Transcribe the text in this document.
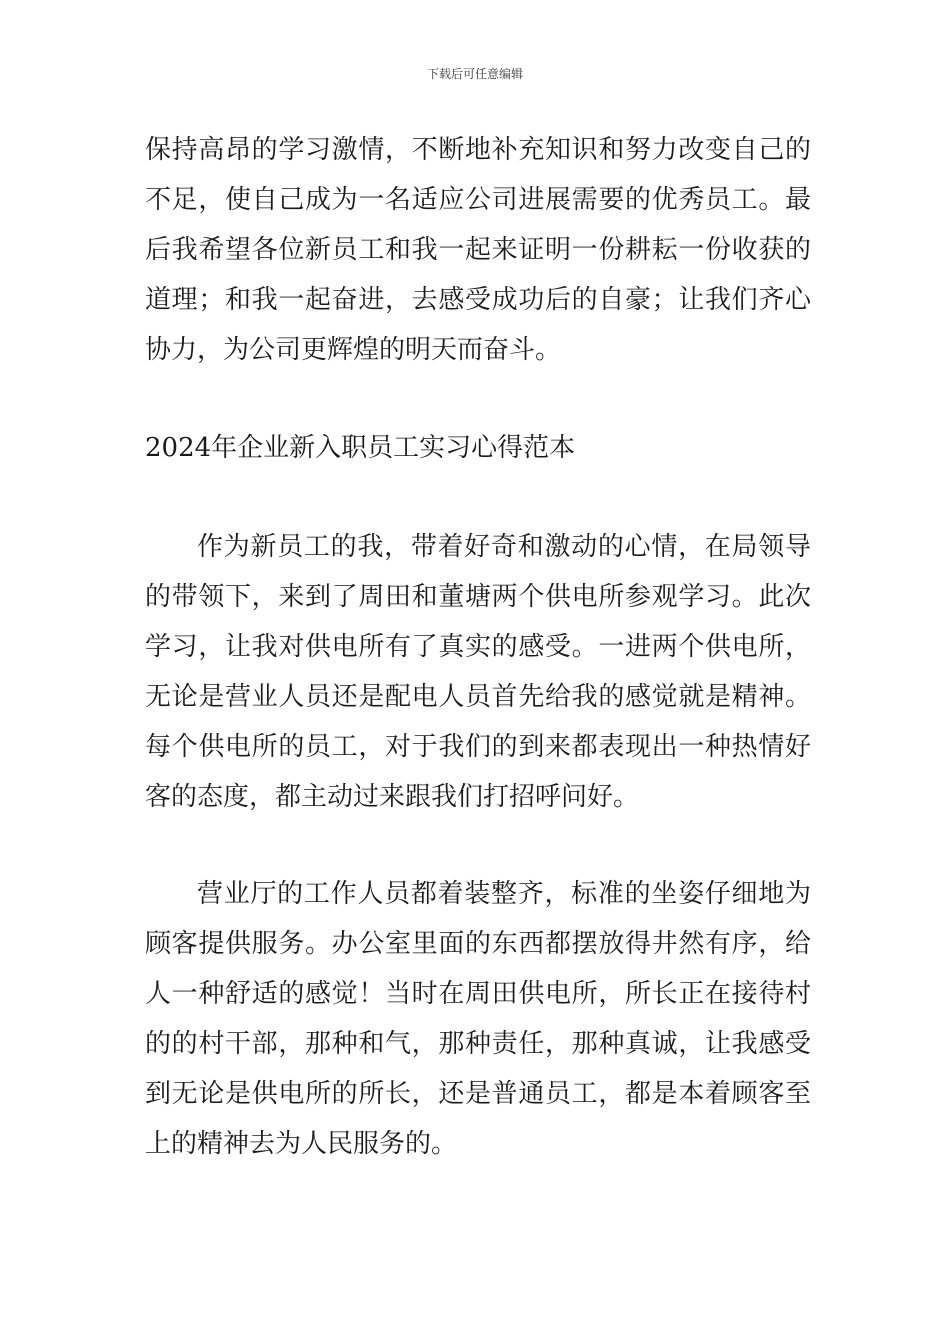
下载后可任意编辑
保持高昂的学习激情，不断地补充知识和努力改变自己的
不足，使自己成为一名适应公司进展需要的优秀员工。最
后我希望各位新员工和我一起来证明一份耕耘一份收获的
道理；和我一起奋进，去感受成功后的自豪；让我们齐心
协力，为公司更辉煌的明天而奋斗。
2024年企业新入职员工实习心得范本
作为新员工的我，带着好奇和激动的心情，在局领导
的带领下，来到了周田和董塘两个供电所参观学习。此次
学习，让我对供电所有了真实的感受。一进两个供电所，
无论是营业人员还是配电人员首先给我的感觉就是精神。
每个供电所的员工，对于我们的到来都表现出一种热情好
客的态度，都主动过来跟我们打招呼问好。
营业厅的工作人员都着装整齐，标准的坐姿仔细地为
顾客提供服务。办公室里面的东西都摆放得井然有序，给
人一种舒适的感觉！当时在周田供电所，所长正在接待村
的的村干部，那种和气，那种责任，那种真诚，让我感受
到无论是供电所的所长，还是普通员工，都是本着顾客至
上的精神去为人民服务的。
